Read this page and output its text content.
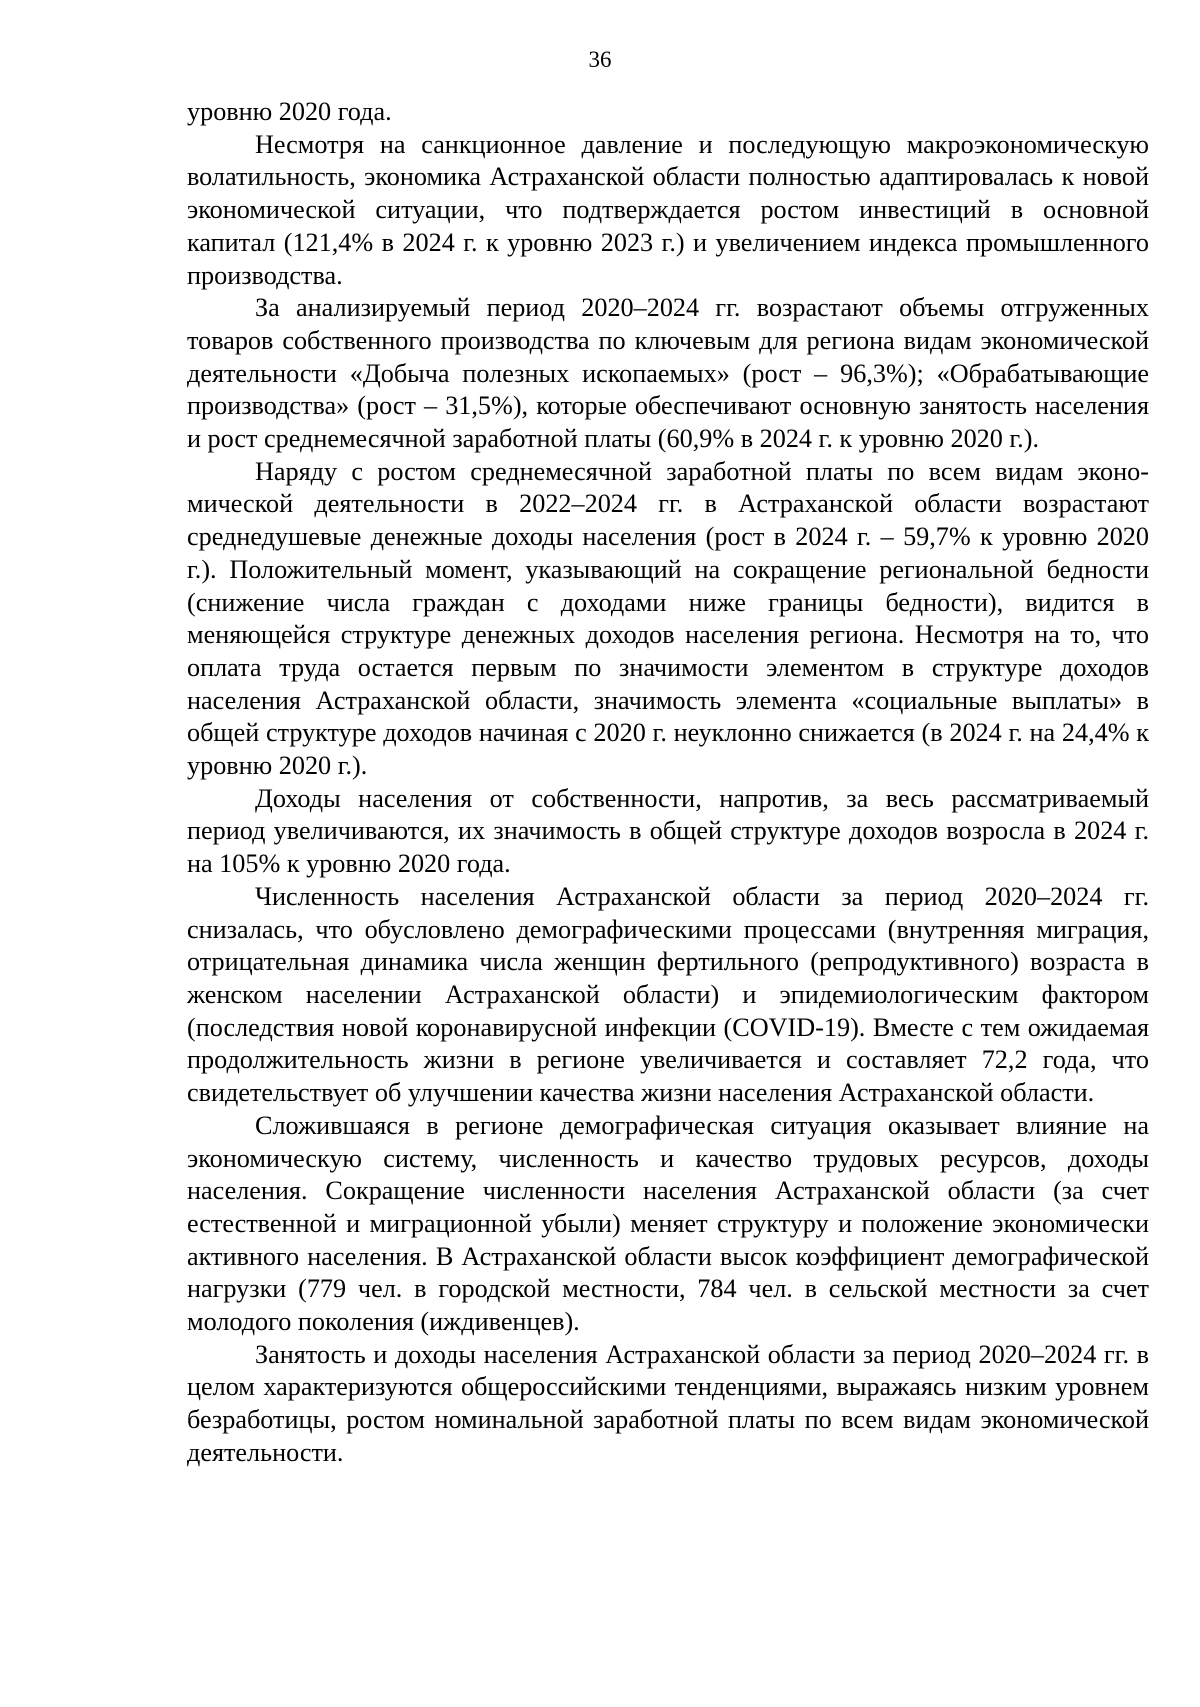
36

уровню 2020 года.

Несмотря на санкционное давление и последующую макроэкономическую волатильность, экономика Астраханской области полностью адаптировалась к новой экономической ситуации, что подтверждается ростом инвестиций в основной капитал (121,4% в 2024 г. к уровню 2023 г.) и увеличением индекса промышленного производства.

За анализируемый период 2020–2024 гг. возрастают объемы отгруженных товаров собственного производства по ключевым для региона видам экономической деятельности «Добыча полезных ископаемых» (рост – 96,3%); «Обрабатывающие производства» (рост – 31,5%), которые обеспечивают основную занятость населения и рост среднемесячной заработной платы (60,9% в 2024 г. к уровню 2020 г.).

Наряду с ростом среднемесячной заработной платы по всем видам экономической деятельности в 2022–2024 гг. в Астраханской области возрастают среднедушевые денежные доходы населения (рост в 2024 г. – 59,7% к уровню 2020 г.). Положительный момент, указывающий на сокращение региональной бедности (снижение числа граждан с доходами ниже границы бедности), видится в меняющейся структуре денежных доходов населения региона. Несмотря на то, что оплата труда остается первым по значимости элементом в структуре доходов населения Астраханской области, значимость элемента «социальные выплаты» в общей структуре доходов начиная с 2020 г. неуклонно снижается (в 2024 г. на 24,4% к уровню 2020 г.).

Доходы населения от собственности, напротив, за весь рассматриваемый период увеличиваются, их значимость в общей структуре доходов возросла в 2024 г. на 105% к уровню 2020 года.

Численность населения Астраханской области за период 2020–2024 гг. снизалась, что обусловлено демографическими процессами (внутренняя миграция, отрицательная динамика числа женщин фертильного (репродуктивного) возраста в женском населении Астраханской области) и эпидемиологическим фактором (последствия новой коронавирусной инфекции (COVID-19). Вместе с тем ожидаемая продолжительность жизни в регионе увеличивается и составляет 72,2 года, что свидетельствует об улучшении качества жизни населения Астраханской области.

Сложившаяся в регионе демографическая ситуация оказывает влияние на экономическую систему, численность и качество трудовых ресурсов, доходы населения. Сокращение численности населения Астраханской области (за счет естественной и миграционной убыли) меняет структуру и положение экономически активного населения. В Астраханской области высок коэффициент демографической нагрузки (779 чел. в городской местности, 784 чел. в сельской местности за счет молодого поколения (иждивенцев).

Занятость и доходы населения Астраханской области за период 2020–2024 гг. в целом характеризуются общероссийскими тенденциями, выражаясь низким уровнем безработицы, ростом номинальной заработной платы по всем видам экономической деятельности.
